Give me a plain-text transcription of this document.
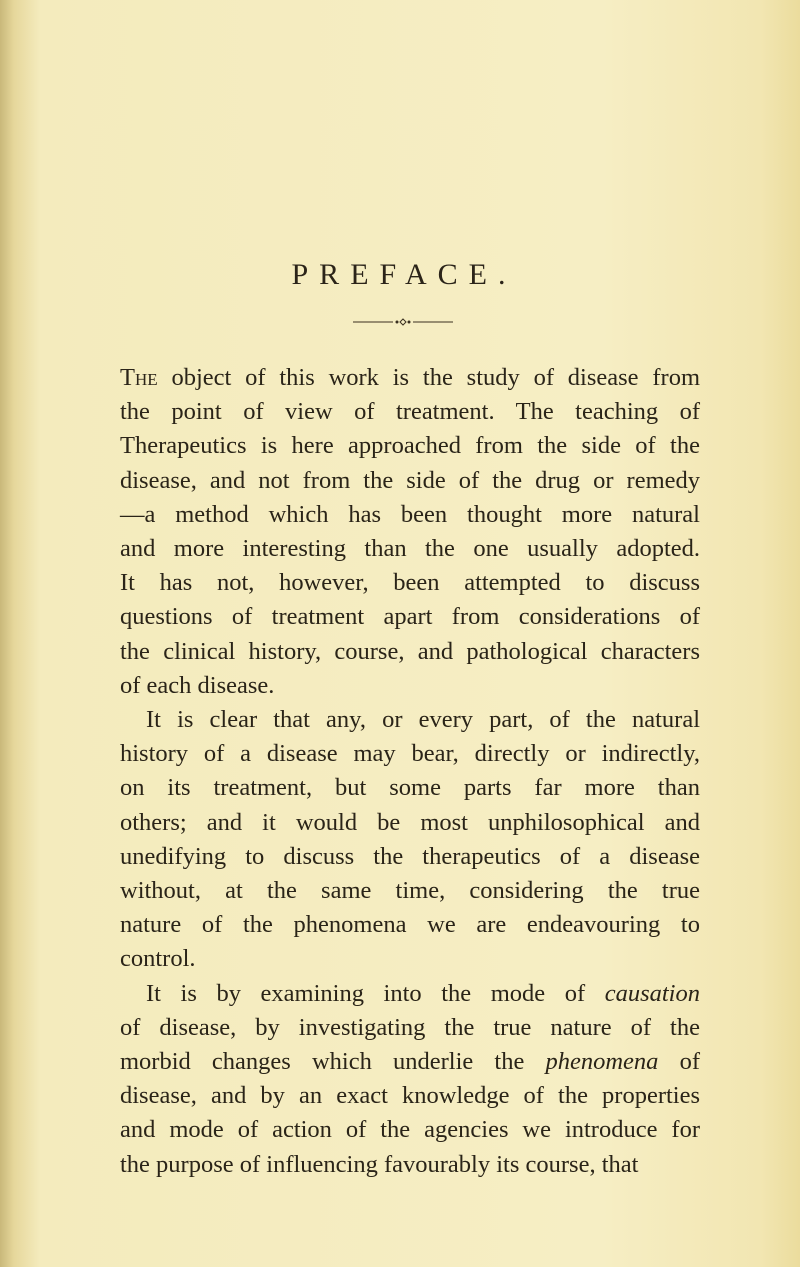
PREFACE.

The object of this work is the study of disease from
the point of view of treatment. The teaching of
Therapeutics is here approached from the side of the
disease, and not from the side of the drug or remedy
—a method which has been thought more natural
and more interesting than the one usually adopted.
It has not, however, been attempted to discuss
questions of treatment apart from considerations of
the clinical history, course, and pathological characters
of each disease.

It is clear that any, or every part, of the natural
history of a disease may bear, directly or indirectly,
on its treatment, but some parts far more than
others; and it would be most unphilosophical and
unedifying to discuss the therapeutics of a disease
without, at the same time, considering the true
nature of the phenomena we are endeavouring to
control.

It is by examining into the mode of causation
of disease, by investigating the true nature of the
morbid changes which underlie the phenomena of
disease, and by an exact knowledge of the properties
and mode of action of the agencies we introduce for
the purpose of influencing favourably its course, that
